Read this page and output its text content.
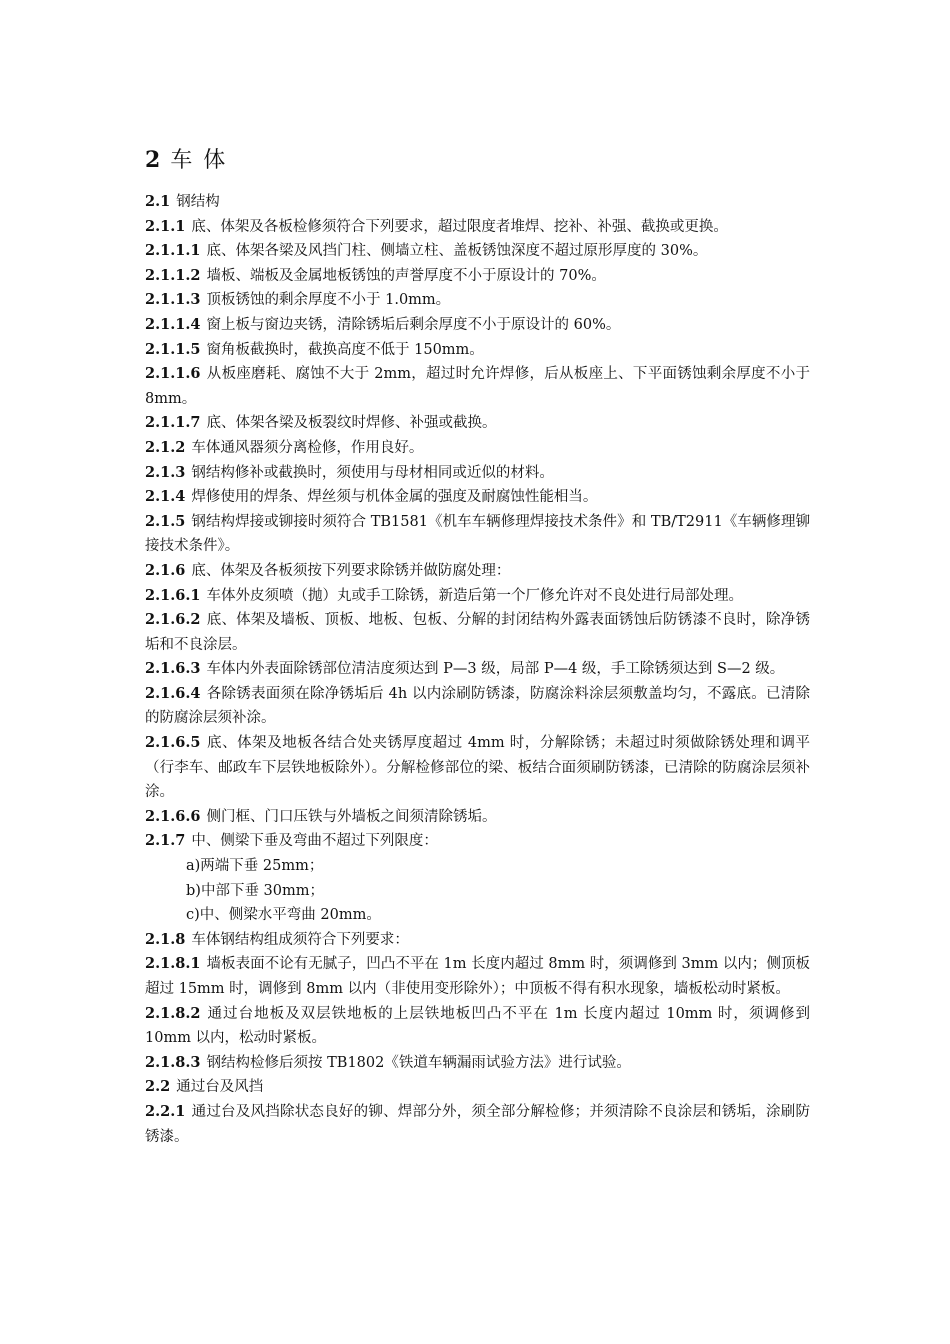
2 车 体

2.1 钢结构

2.1.1 底、体架及各板检修须符合下列要求，超过限度者堆焊、挖补、补强、截换或更换。

2.1.1.1 底、体架各梁及风挡门柱、侧墙立柱、盖板锈蚀深度不超过原形厚度的 30%。

2.1.1.2 墙板、端板及金属地板锈蚀的声誉厚度不小于原设计的 70%。

2.1.1.3 顶板锈蚀的剩余厚度不小于 1.0mm。

2.1.1.4 窗上板与窗边夹锈，清除锈垢后剩余厚度不小于原设计的 60%。

2.1.1.5 窗角板截换时，截换高度不低于 150mm。

2.1.1.6 从板座磨耗、腐蚀不大于 2mm，超过时允许焊修，后从板座上、下平面锈蚀剩余厚度不小于 8mm。

2.1.1.7 底、体架各梁及板裂纹时焊修、补强或截换。

2.1.2 车体通风器须分离检修，作用良好。

2.1.3 钢结构修补或截换时，须使用与母材相同或近似的材料。

2.1.4 焊修使用的焊条、焊丝须与机体金属的强度及耐腐蚀性能相当。

2.1.5 钢结构焊接或铆接时须符合 TB1581《机车车辆修理焊接技术条件》和 TB/T2911《车辆修理铆接技术条件》。

2.1.6 底、体架及各板须按下列要求除锈并做防腐处理：

2.1.6.1 车体外皮须喷（抛）丸或手工除锈，新造后第一个厂修允许对不良处进行局部处理。

2.1.6.2 底、体架及墙板、顶板、地板、包板、分解的封闭结构外露表面锈蚀后防锈漆不良时，除净锈垢和不良涂层。

2.1.6.3 车体内外表面除锈部位清洁度须达到 P—3 级，局部 P—4 级，手工除锈须达到 S—2 级。

2.1.6.4 各除锈表面须在除净锈垢后 4h 以内涂刷防锈漆，防腐涂料涂层须敷盖均匀，不露底。已清除的防腐涂层须补涂。

2.1.6.5 底、体架及地板各结合处夹锈厚度超过 4mm 时，分解除锈；未超过时须做除锈处理和调平（行李车、邮政车下层铁地板除外）。分解检修部位的梁、板结合面须刷防锈漆，已清除的防腐涂层须补涂。

2.1.6.6 侧门框、门口压铁与外墙板之间须清除锈垢。

2.1.7 中、侧梁下垂及弯曲不超过下列限度：

a)两端下垂 25mm；

b)中部下垂 30mm；

c)中、侧梁水平弯曲 20mm。

2.1.8 车体钢结构组成须符合下列要求：

2.1.8.1 墙板表面不论有无腻子，凹凸不平在 1m 长度内超过 8mm 时，须调修到 3mm 以内；侧顶板超过 15mm 时，调修到 8mm 以内（非使用变形除外）；中顶板不得有积水现象，墙板松动时紧板。

2.1.8.2 通过台地板及双层铁地板的上层铁地板凹凸不平在 1m 长度内超过 10mm 时，须调修到 10mm 以内，松动时紧板。

2.1.8.3 钢结构检修后须按 TB1802《铁道车辆漏雨试验方法》进行试验。

2.2 通过台及风挡

2.2.1 通过台及风挡除状态良好的铆、焊部分外，须全部分解检修；并须清除不良涂层和锈垢，涂刷防锈漆。
